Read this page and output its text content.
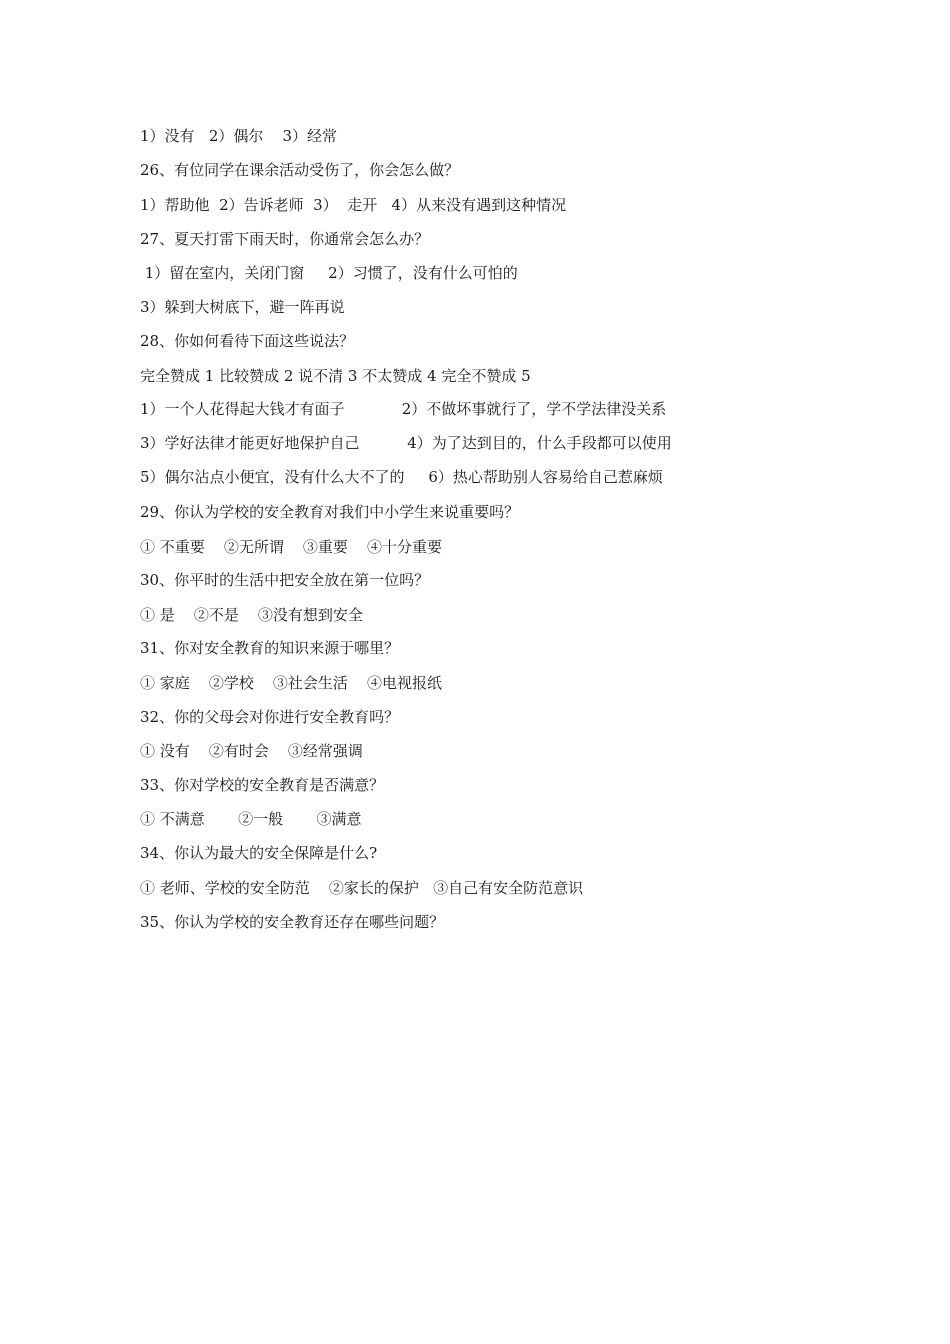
1）没有   2）偶尔    3）经常
26、有位同学在课余活动受伤了，你会怎么做？
1）帮助他  2）告诉老师  3）  走开   4）从来没有遇到这种情况
27、夏天打雷下雨天时，你通常会怎么办？
1）留在室内，关闭门窗     2）习惯了，没有什么可怕的
3）躲到大树底下，避一阵再说
28、你如何看待下面这些说法？
完全赞成 1 比较赞成 2 说不清 3 不太赞成 4 完全不赞成 5
1）一个人花得起大钱才有面子            2）不做坏事就行了，学不学法律没关系
3）学好法律才能更好地保护自己          4）为了达到目的，什么手段都可以使用
5）偶尔沾点小便宜，没有什么大不了的     6）热心帮助别人容易给自己惹麻烦
29、你认为学校的安全教育对我们中小学生来说重要吗？
① 不重要    ②无所谓    ③重要    ④十分重要
30、你平时的生活中把安全放在第一位吗？
① 是    ②不是    ③没有想到安全
31、你对安全教育的知识来源于哪里？
① 家庭    ②学校    ③社会生活    ④电视报纸
32、你的父母会对你进行安全教育吗？
① 没有    ②有时会    ③经常强调
33、你对学校的安全教育是否满意？
① 不满意       ②一般       ③满意
34、你认为最大的安全保障是什么?
① 老师、学校的安全防范    ②家长的保护   ③自己有安全防范意识
35、你认为学校的安全教育还存在哪些问题？
